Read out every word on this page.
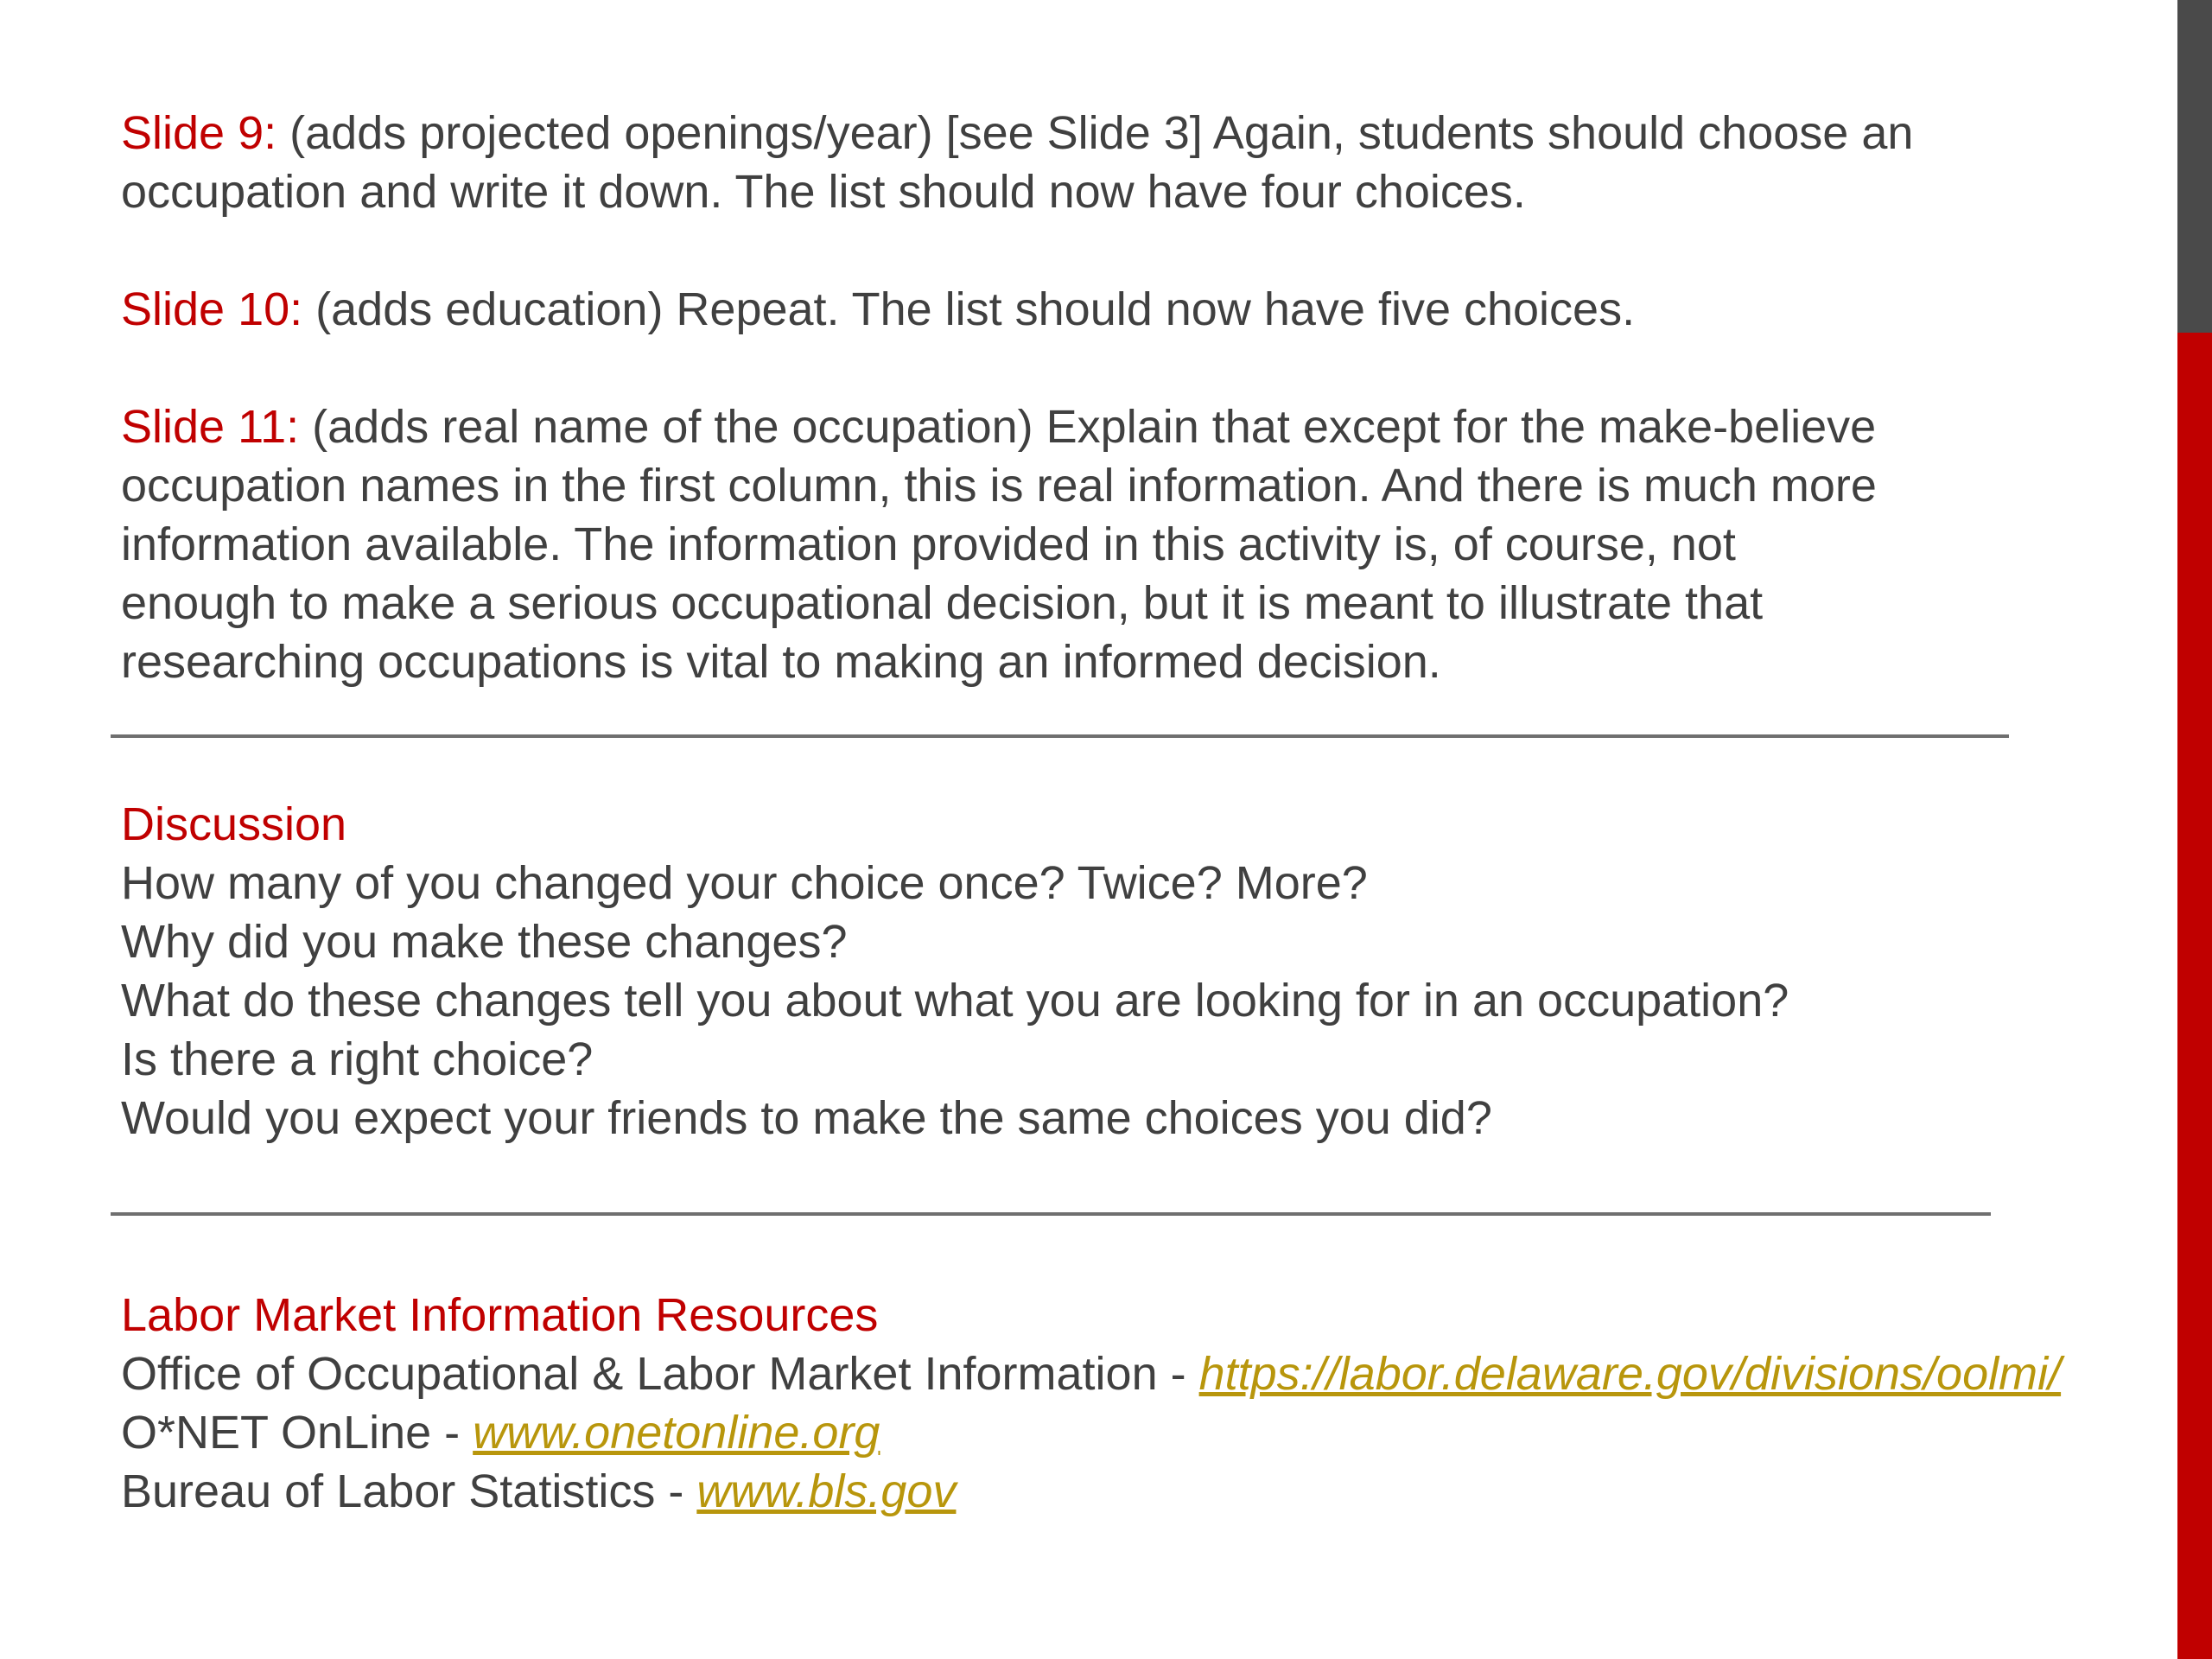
Slide 9: (adds projected openings/year) [see Slide 3] Again, students should choose an occupation and write it down. The list should now have four choices.

Slide 10: (adds education) Repeat. The list should now have five choices.

Slide 11: (adds real name of the occupation) Explain that except for the make-believe occupation names in the first column, this is real information. And there is much more information available. The information provided in this activity is, of course, not enough to make a serious occupational decision, but it is meant to illustrate that researching occupations is vital to making an informed decision.

Discussion

How many of you changed your choice once? Twice? More?

Why did you make these changes?

What do these changes tell you about what you are looking for in an occupation?

Is there a right choice?

Would you expect your friends to make the same choices you did?

Labor Market Information Resources

Office of Occupational & Labor Market Information - https://labor.delaware.gov/divisions/oolmi/

O*NET OnLine - www.onetonline.org

Bureau of Labor Statistics - www.bls.gov
